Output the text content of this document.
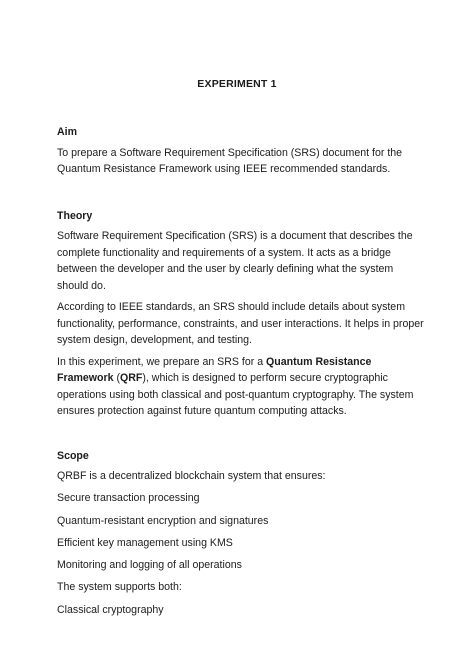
EXPERIMENT 1

Aim

To prepare a Software Requirement Specification (SRS) document for the Quantum Resistance Framework using IEEE recommended standards.

Theory

Software Requirement Specification (SRS) is a document that describes the complete functionality and requirements of a system. It acts as a bridge between the developer and the user by clearly defining what the system should do.

According to IEEE standards, an SRS should include details about system functionality, performance, constraints, and user interactions. It helps in proper system design, development, and testing.

In this experiment, we prepare an SRS for a Quantum Resistance Framework (QRF), which is designed to perform secure cryptographic operations using both classical and post-quantum cryptography. The system ensures protection against future quantum computing attacks.

Scope

QRBF is a decentralized blockchain system that ensures:

Secure transaction processing

Quantum-resistant encryption and signatures

Efficient key management using KMS

Monitoring and logging of all operations

The system supports both:

Classical cryptography
